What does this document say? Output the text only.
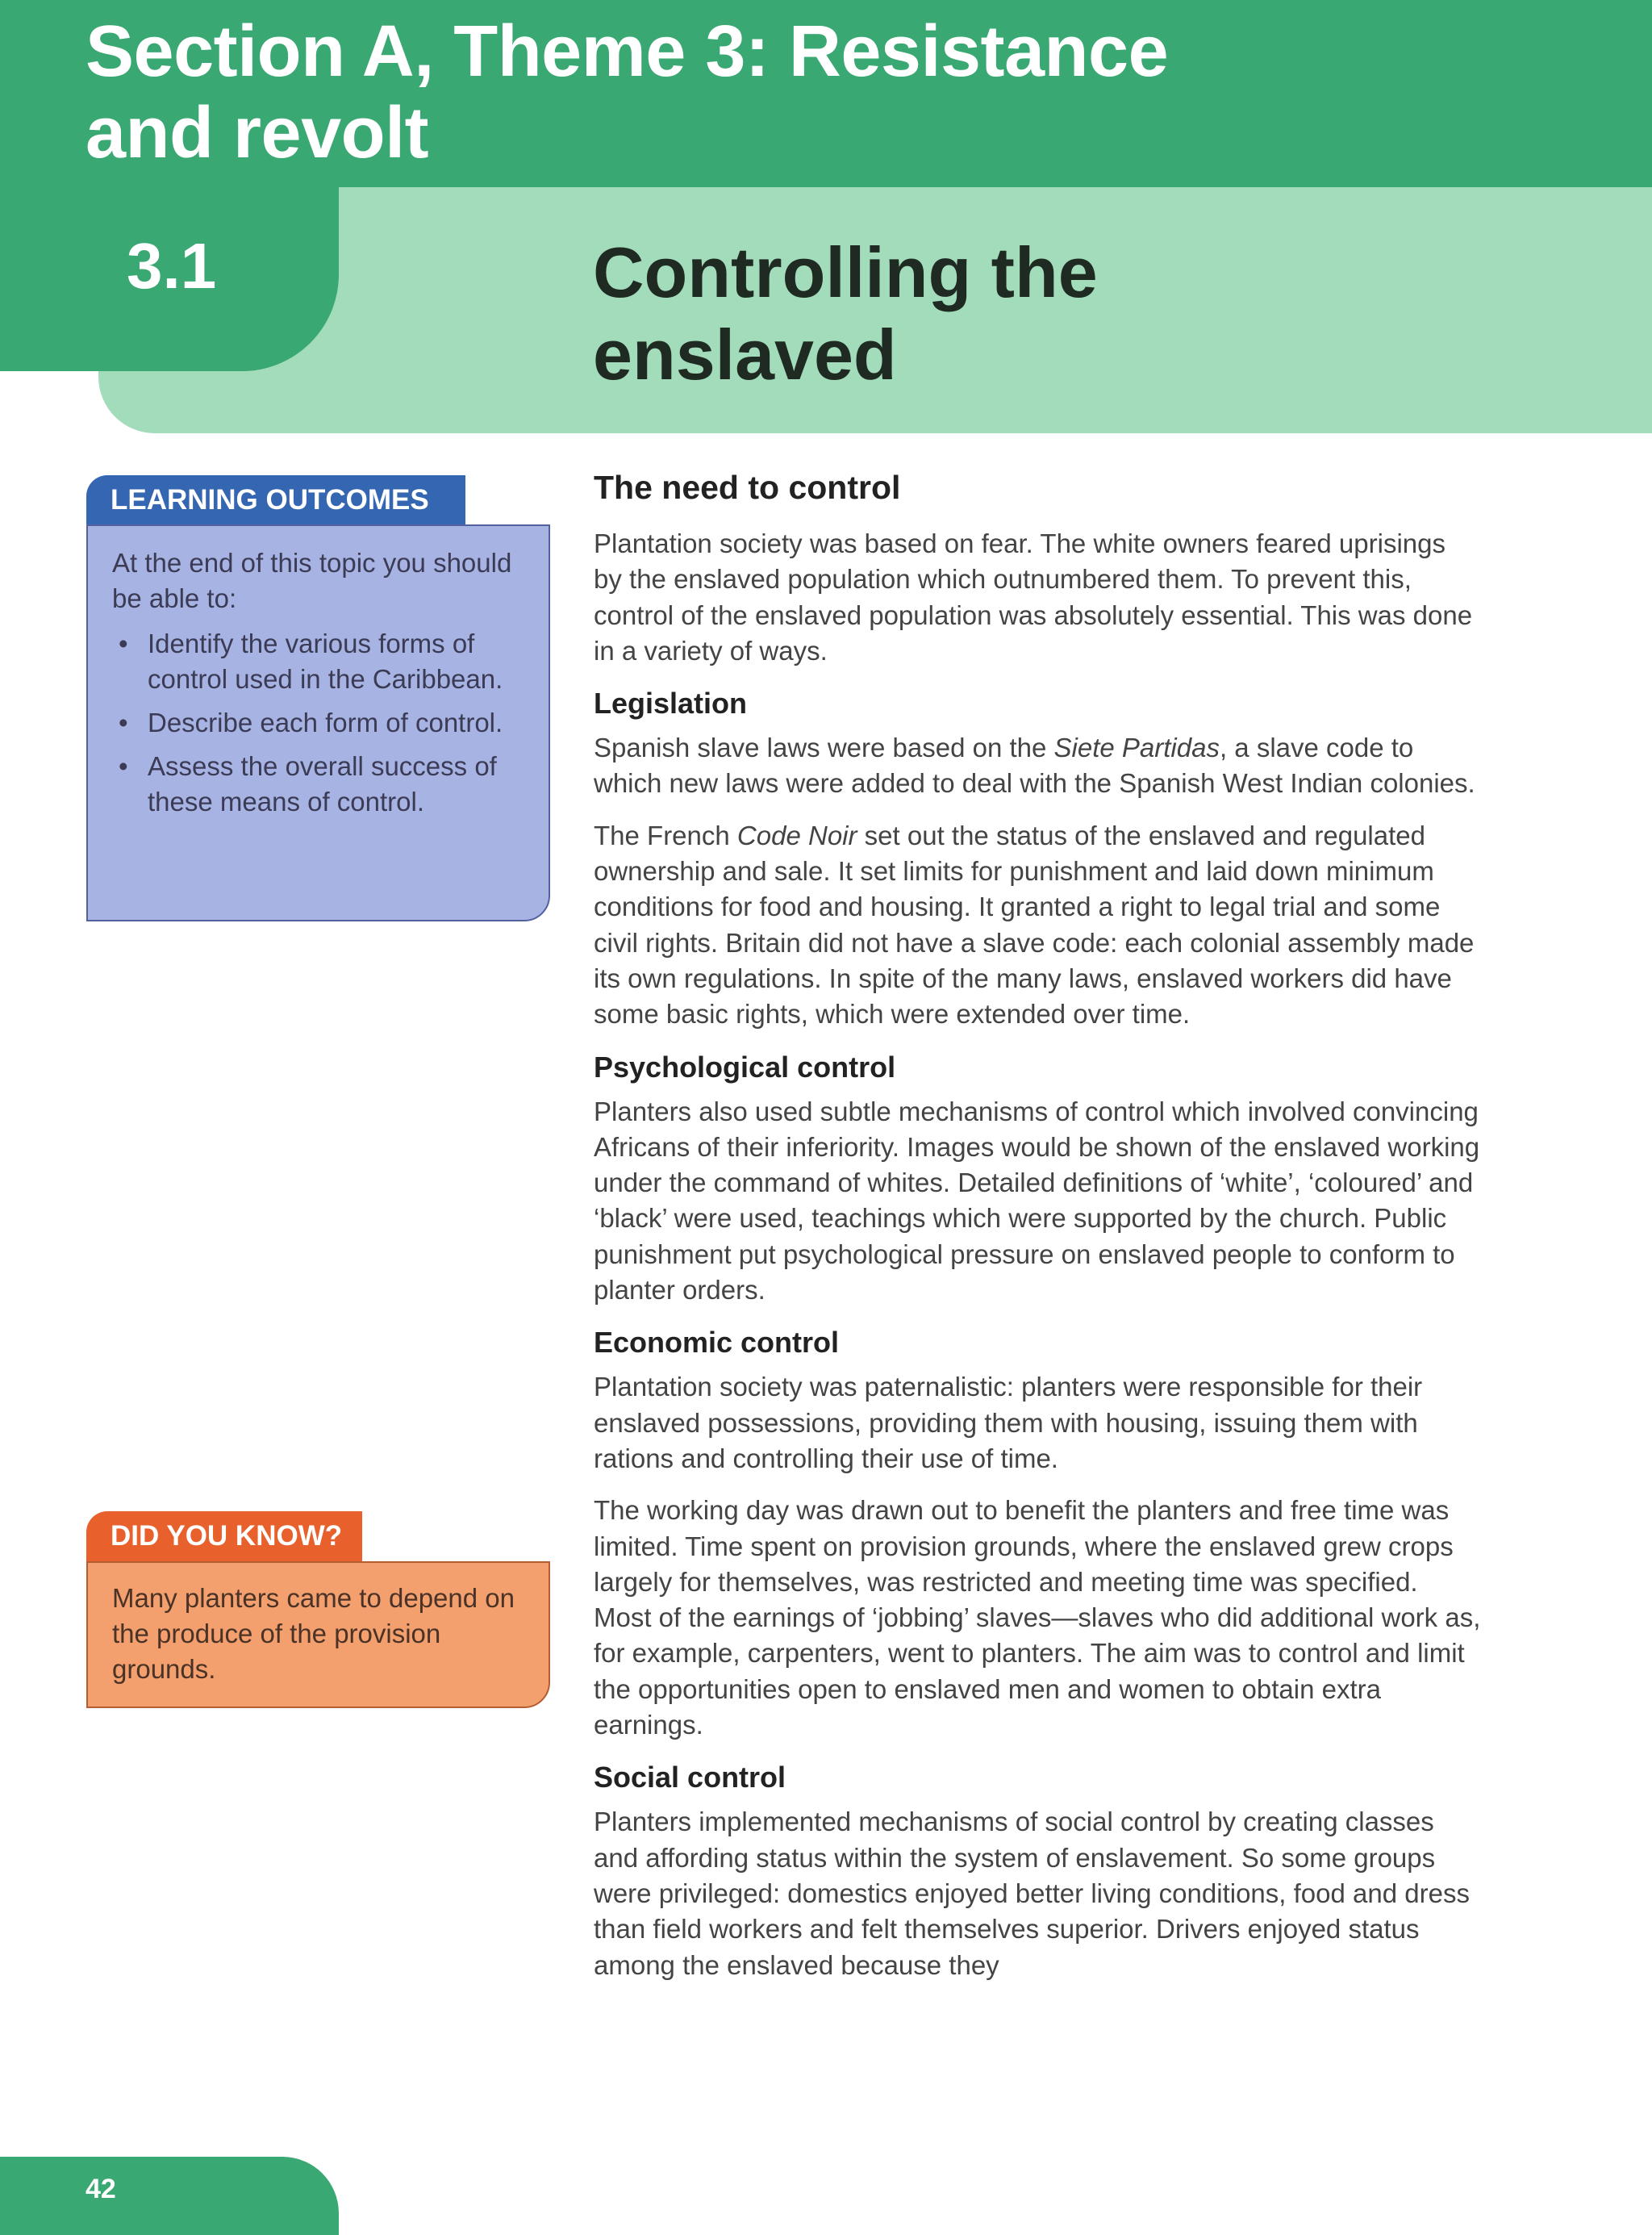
Section A, Theme 3: Resistance
and revolt
3.1	Controlling the
enslaved
LEARNING OUTCOMES

At the end of this topic you should be able to:

• Identify the various forms of control used in the Caribbean.
• Describe each form of control.
• Assess the overall success of these means of control.
DID YOU KNOW?

Many planters came to depend on the produce of the provision grounds.

The need to control

Plantation society was based on fear. The white owners feared uprisings by the enslaved population which outnumbered them. To prevent this, control of the enslaved population was absolutely essential. This was done in a variety of ways.

Legislation

Spanish slave laws were based on the Siete Partidas, a slave code to which new laws were added to deal with the Spanish West Indian colonies.

The French Code Noir set out the status of the enslaved and regulated ownership and sale. It set limits for punishment and laid down minimum conditions for food and housing. It granted a right to legal trial and some civil rights. Britain did not have a slave code: each colonial assembly made its own regulations. In spite of the many laws, enslaved workers did have some basic rights, which were extended over time.

Psychological control

Planters also used subtle mechanisms of control which involved convincing Africans of their inferiority. Images would be shown of the enslaved working under the command of whites. Detailed definitions of ‘white’, ‘coloured’ and ‘black’ were used, teachings which were supported by the church. Public punishment put psychological pressure on enslaved people to conform to planter orders.

Economic control

Plantation society was paternalistic: planters were responsible for their enslaved possessions, providing them with housing, issuing them with rations and controlling their use of time.

The working day was drawn out to benefit the planters and free time was limited. Time spent on provision grounds, where the enslaved grew crops largely for themselves, was restricted and meeting time was specified. Most of the earnings of ‘jobbing’ slaves—slaves who did additional work as, for example, carpenters, went to planters. The aim was to control and limit the opportunities open to enslaved men and women to obtain extra earnings.

Social control

Planters implemented mechanisms of social control by creating classes and affording status within the system of enslavement. So some groups were privileged: domestics enjoyed better living conditions, food and dress than field workers and felt themselves superior. Drivers enjoyed status among the enslaved because they

42
